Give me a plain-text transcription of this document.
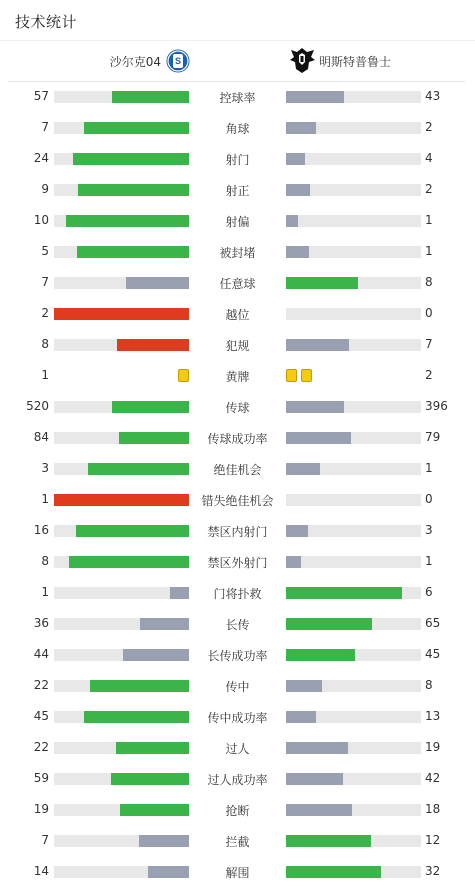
技术统计
沙尔克04 S	明斯特普鲁士
57	控球率	43
7	角球	2
24	射门	4
9	射正	2
10	射偏	1
5	被封堵	1
7	任意球	8
2	越位	0
8	犯规	7
1	黄牌	2
520	传球	396
84	传球成功率	79
3	绝佳机会	1
1	错失绝佳机会	0
16	禁区内射门	3
8	禁区外射门	1
1	门将扑救	6
36	长传	65
44	长传成功率	45
22	传中	8
45	传中成功率	13
22	过人	19
59	过人成功率	42
19	抢断	18
7	拦截	12
14	解围	32
